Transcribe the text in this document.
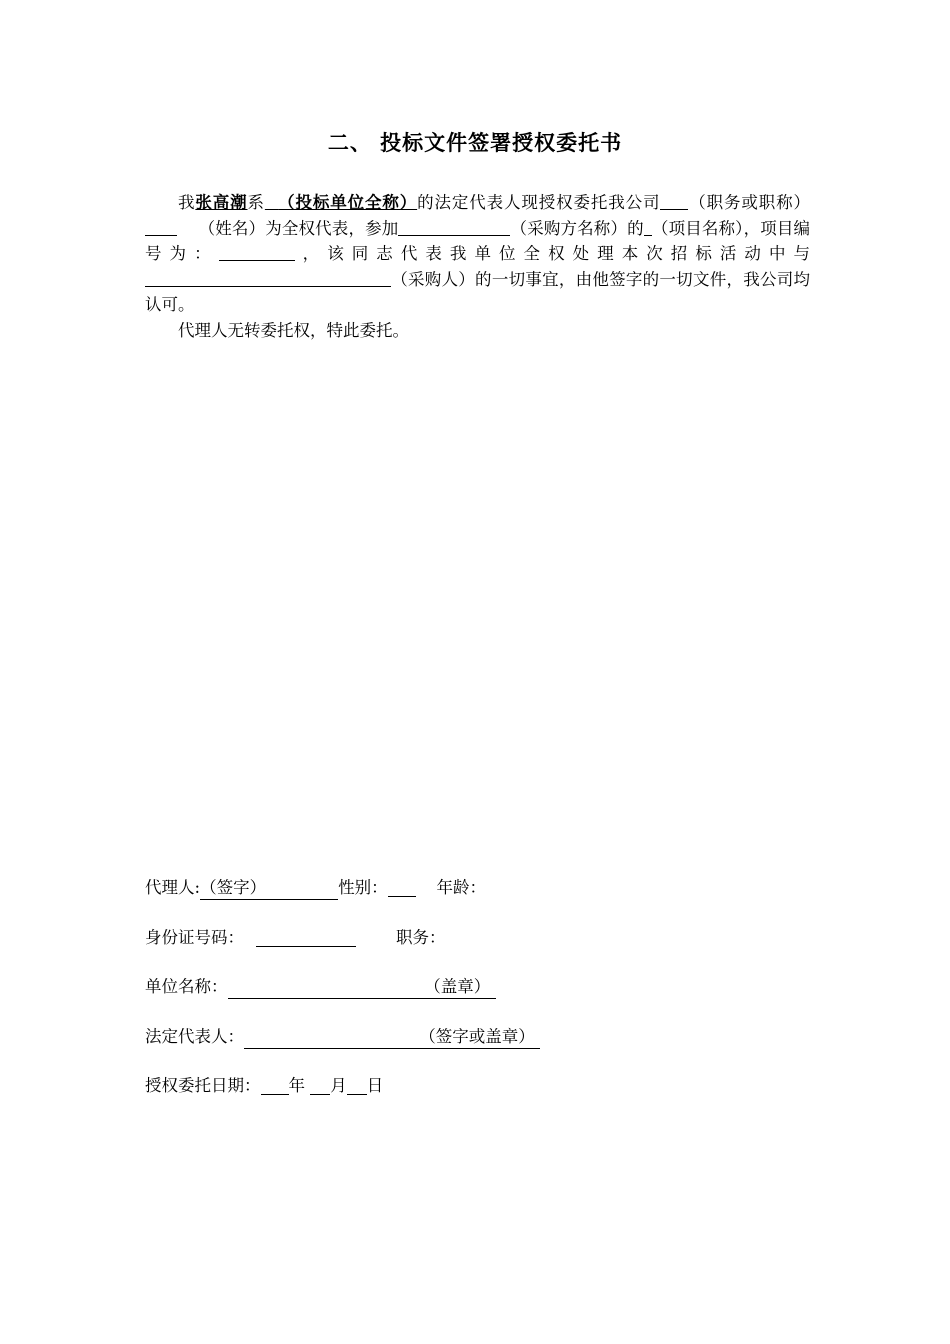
二、 投标文件签署授权委托书

我张高潮系 （投标单位全称）的法定代表人现授权委托我公司 （职务或职称）    （姓名）为全权代表，参加	（采购方名称）的 （项目名称），项目编号为：	，该同志代表我单位全权处理本次招标活动中与（采购人）的一切事宜，由他签字的一切文件，我公司均认可。

代理人无转委托权，特此委托。

代理人:（签字）	性别：	年龄：
身份证号码：	职务：
单位名称：	（盖章）
法定代表人：	（签字或盖章）
授权委托日期： 年 月 日
